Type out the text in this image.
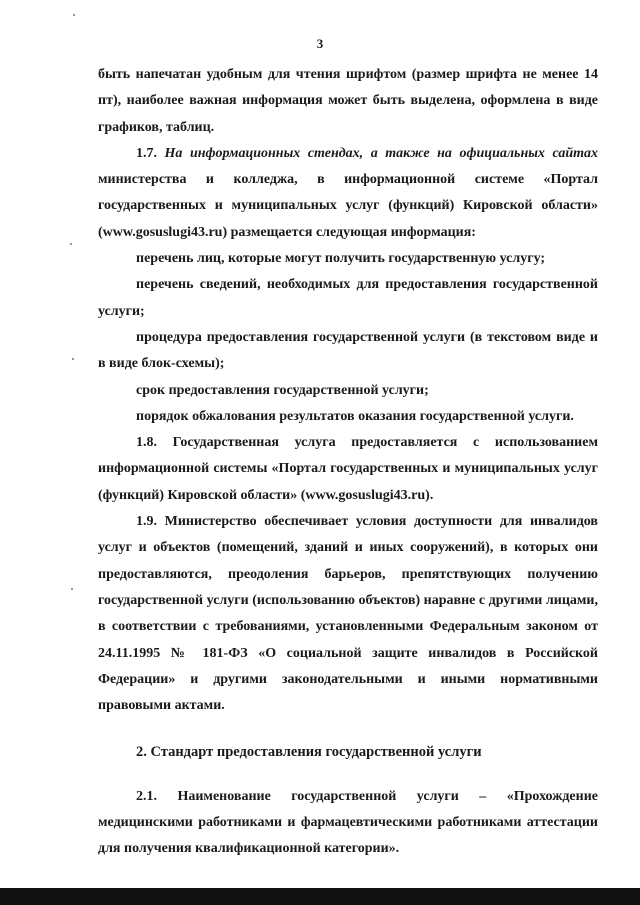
3

быть напечатан удобным для чтения шрифтом (размер шрифта не менее 14 пт), наиболее важная информация может быть выделена, оформлена в виде графиков, таблиц.

1.7. На информационных стендах, а также на официальных сайтах министерства и колледжа, в информационной системе «Портал государственных и муниципальных услуг (функций) Кировской области» (www.gosuslugi43.ru) размещается следующая информация:

перечень лиц, которые могут получить государственную услугу;

перечень сведений, необходимых для предоставления государственной услуги;

процедура предоставления государственной услуги (в текстовом виде и в виде блок-схемы);

срок предоставления государственной услуги;

порядок обжалования результатов оказания государственной услуги.

1.8. Государственная услуга предоставляется с использованием информационной системы «Портал государственных и муниципальных услуг (функций) Кировской области» (www.gosuslugi43.ru).

1.9. Министерство обеспечивает условия доступности для инвалидов услуг и объектов (помещений, зданий и иных сооружений), в которых они предоставляются, преодоления барьеров, препятствующих получению государственной услуги (использованию объектов) наравне с другими лицами, в соответствии с требованиями, установленными Федеральным законом от 24.11.1995 № 181-ФЗ «О социальной защите инвалидов в Российской Федерации» и другими законодательными и иными нормативными правовыми актами.

2. Стандарт предоставления государственной услуги

2.1. Наименование государственной услуги – «Прохождение медицинскими работниками и фармацевтическими работниками аттестации для получения квалификационной категории».
